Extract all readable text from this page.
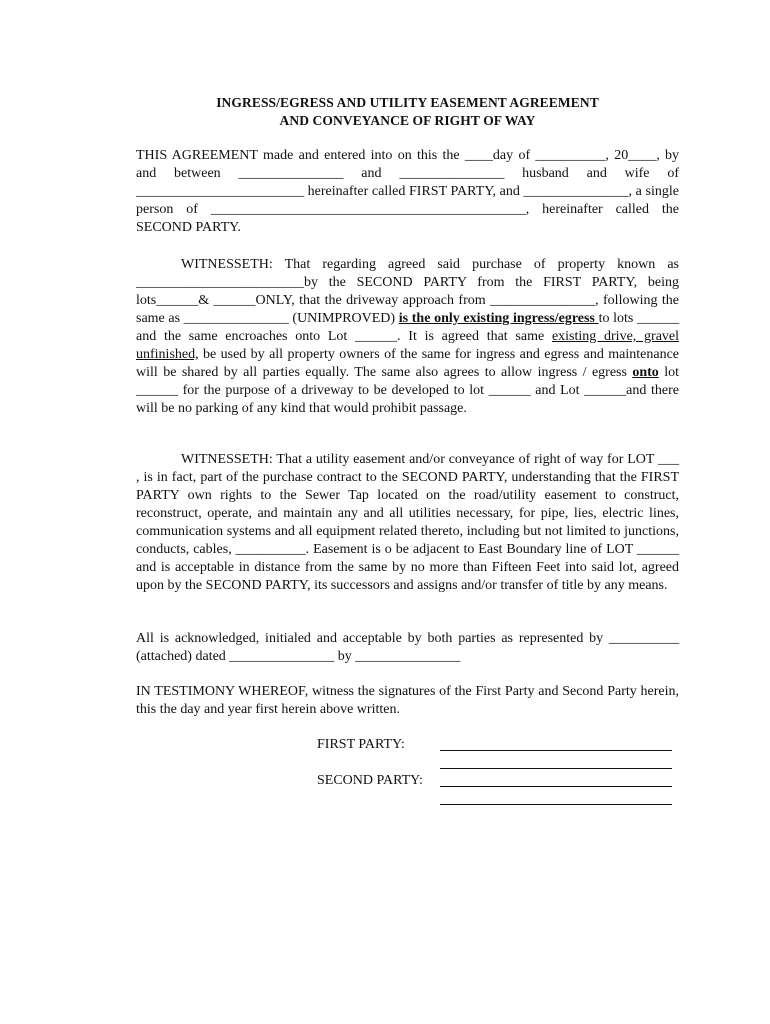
INGRESS/EGRESS AND UTILITY EASEMENT AGREEMENT
AND CONVEYANCE OF RIGHT OF WAY

THIS AGREEMENT made and entered into on this the ____day of __________, 20____, by and between _______________ and _______________ husband and wife of ________________________ hereinafter called FIRST PARTY, and _______________, a single person of _____________________________________________, hereinafter called the SECOND PARTY.

WITNESSETH: That regarding agreed said purchase of property known as ________________________by the SECOND PARTY from the FIRST PARTY, being lots______& ______ONLY, that the driveway approach from _______________, following the same as _______________ (UNIMPROVED) is the only existing ingress/egress to lots ______ and the same encroaches onto Lot ______. It is agreed that same existing drive, gravel unfinished, be used by all property owners of the same for ingress and egress and maintenance will be shared by all parties equally. The same also agrees to allow ingress / egress onto lot ______ for the purpose of a driveway to be developed to lot ______ and Lot ______and there will be no parking of any kind that would prohibit passage.

WITNESSETH: That a utility easement and/or conveyance of right of way for LOT ___ , is in fact, part of the purchase contract to the SECOND PARTY, understanding that the FIRST PARTY own rights to the Sewer Tap located on the road/utility easement to construct, reconstruct, operate, and maintain any and all utilities necessary, for pipe, lies, electric lines, communication systems and all equipment related thereto, including but not limited to junctions, conducts, cables, __________. Easement is o be adjacent to East Boundary line of LOT ______ and is acceptable in distance from the same by no more than Fifteen Feet into said lot, agreed upon by the SECOND PARTY, its successors and assigns and/or transfer of title by any means.

All is acknowledged, initialed and acceptable by both parties as represented by __________ (attached) dated _______________ by _______________

IN TESTIMONY WHEREOF, witness the signatures of the First Party and Second Party herein, this the day and year first herein above written.

FIRST PARTY:
SECOND PARTY:
